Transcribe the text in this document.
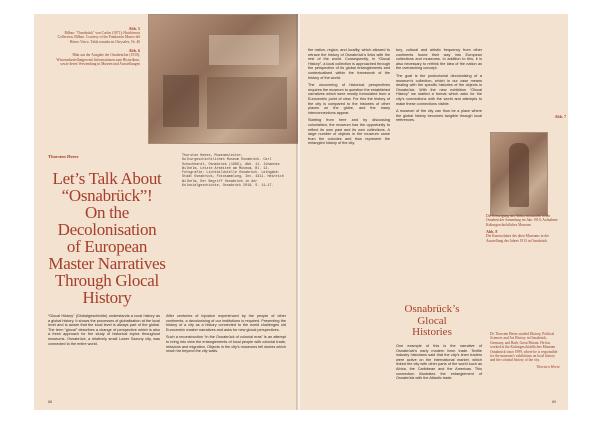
Abb. 5
Bilbao: "Osnabrück" von Carlos (1871); Hutchinson Collection, Bilbao. Courtesy of the Fundación Museo del Hierro Vasco. Tabla tomada en Chrysales, Nr. 46
Abb. 6
Blatt aus der Ausgabe der Osnabrücker (1910), Wissensdarstellungen mit Informationen zum Historikern, sowie deren Verwendung in Museen und Ausstellungen
Thorsten Heese
Let’s Talk About
“Osnabrück”!
On the
Decolonisation
of European
Master Narratives
Through Glocal
History
Thorsten Heese, Museumsleiter, Kulturgeschichtliches Museum Osnabrück. Carl Schuchhardt, Osnabrück (1909), Abb. 11. Johannes Wilhelm, Letzte Arbeiten am Museum, Bl. 12. Fotografie: Lichtbildstelle Osnabrück. Leihgabe: Stadt Osnabrück, Fotosammlung, Inv. 4311. Heinrich Wilhelm, Der Begriff Osnabrück in der Kolonialgeschichte, Osnabrück 2018, S. 11–17.

“Glocal History” (Globalgeschichte) understands a local history as a global history. It shows the processes of globalisation at the local level and is aware that the local level is always part of the global. The term “glocal” describes a change of perspective which is also a fresh approach for the study of historical topics throughout museums. Osnabrück, a relatively small Lower Saxony city, was connected to the entire world.

After centuries of injustice experienced by the people of other continents, a decolonising of our institutions is required. Presenting the history of a city as a history connected to the world challenges old Eurocentric master narratives and asks for new glocal perspectives.

Such a reconstruction “in the Osnabrück of colonial eras” is an attempt to bring into view the entanglements of local people with colonial trade, missions and migration. Objects in the city’s museums tell stories which reach far beyond the city walls.

88

the nation, region, and locality, which allowed to retrace the history of Osnabrück’s links with the rest of the world. Consequently, in “Glocal History”, a local collection is approached through the perspective of its global entanglements and contextualised within the framework of the history of the world.

The uncovering of historical perspectives requires the museum to question the established narratives which were mostly formulated from a Eurocentric point of view. For this the history of the city is compared to the histories of other places on the globe, and the many interconnections appear.

Starting from here and by discussing colonialism, the museum has the opportunity to reflect its own past and its own collections. A large number of objects in the museum came from the colonies and thus represent the entangled history of the city.

tory, cultural and artistic frequency from other continents found their way into European collections and museums. In addition to this, it is also necessary to rethink the idea of the nation as the overarching concept.

The goal is the postcolonial decolonising of a museum’s collection, which in our case means dealing with the specific histories of the objects in Osnabrück. With the new exhibition “Glocal History” we started a format which asks for the city’s connections with the world and attempts to make these connections visible.

A museum of the city can thus be a place where the global history becomes tangible through local references.

Abb. 7
Die Kreuzigung aus Afrika entstanden in der Osnabrücker Sammlung im Jahr 1910; Aufnahme: Kulturgeschichtliches Museum
Abb. 8
Die Kunstschätze des alten Museums in der Ausstellung des Jahres 1913 in Osnabrück
Osnabrück’s
Glocal
Histories

One example of this is the narrative of Osnabrück’s early modern linen trade. Textile industry historians said that the city’s linen traders were active on the international market, which linked the city with other parts of the world such as Africa, the Caribbean and the Americas. This connection illustrates the entanglement of Osnabrück with the Atlantic trade.

Dr. Thorsten Heese studied History, Political Sciences and Art History in Osnabrück, Germany, and Bath, Great Britain. He has worked at the Kulturgeschichtliches Museum Osnabrück since 1999, where he is responsible for the museum’s exhibitions on local history and the colonial history of the city.
Thorsten Heese
89
